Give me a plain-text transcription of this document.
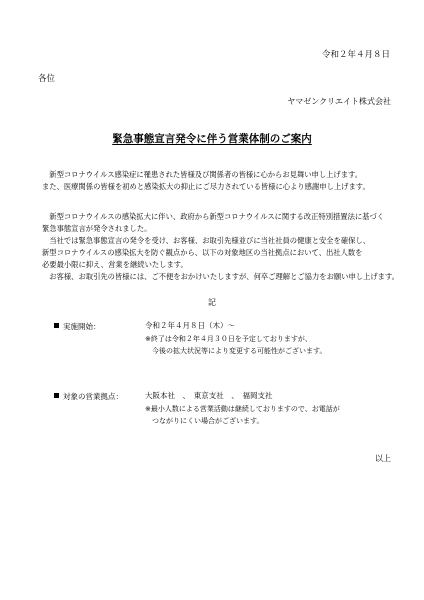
令和２年４月８日
各位
ヤマゼンクリエイト株式会社
緊急事態宣言発令に伴う営業体制のご案内
　新型コロナウイルス感染症に罹患された皆様及び関係者の皆様に心からお見舞い申し上げます。
また、医療関係の皆様を初めと感染拡大の抑止にご尽力されている皆様に心より感謝申し上げます。
　新型コロナウイルスの感染拡大に伴い、政府から新型コロナウイルスに関する改正特別措置法に基づく
緊急事態宣言が発令されました。
　当社では緊急事態宣言の発令を受け、お客様、お取引先様並びに当社社員の健康と安全を確保し、
新型コロナウイルスの感染拡大を防ぐ観点から、以下の対象地区の当社拠点において、出社人数を
必要最小限に抑え、営業を継続いたします。
　お客様、お取引先の皆様には、ご不便をおかけいたしますが、何卒ご理解とご協力をお願い申し上げます。
記
実施開始：	令和２年４月８日（木）～
※終了は令和２年４月３０日を予定しておりますが、
　今後の拡大状況等により変更する可能性がございます。
対象の営業拠点：	大阪本社　、　東京支社　、　福岡支社
※最小人数による営業活動は継続しておりますので、お電話が
　つながりにくい場合がございます。
以上
